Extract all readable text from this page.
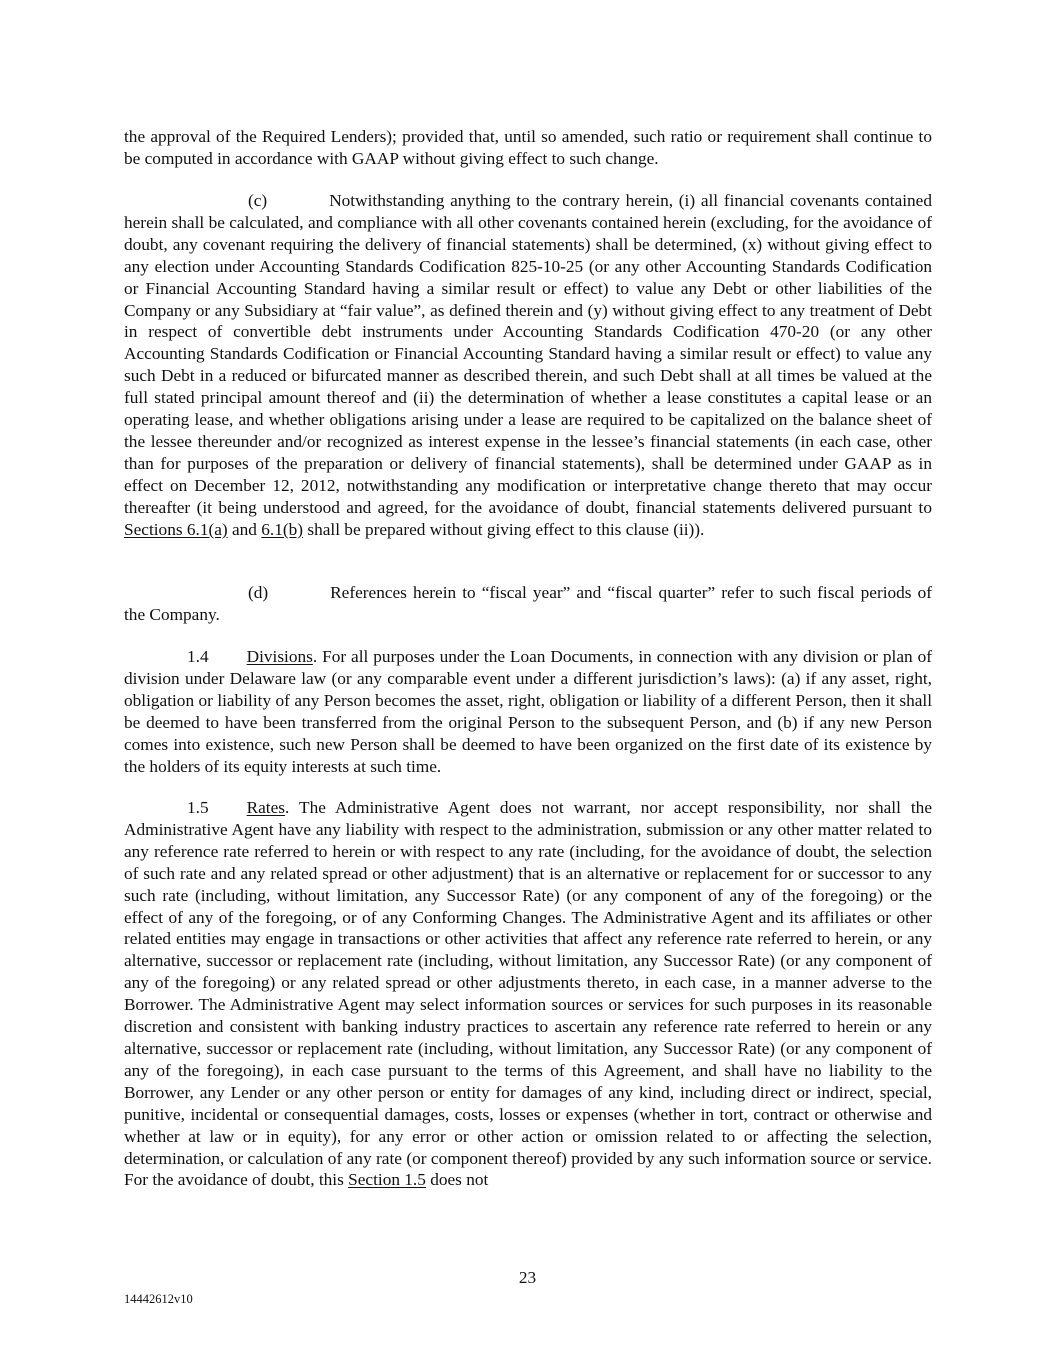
the approval of the Required Lenders); provided that, until so amended, such ratio or requirement shall continue to be computed in accordance with GAAP without giving effect to such change.

(c)	Notwithstanding anything to the contrary herein, (i) all financial covenants contained herein shall be calculated, and compliance with all other covenants contained herein (excluding, for the avoidance of doubt, any covenant requiring the delivery of financial statements) shall be determined, (x) without giving effect to any election under Accounting Standards Codification 825-10-25 (or any other Accounting Standards Codification or Financial Accounting Standard having a similar result or effect) to value any Debt or other liabilities of the Company or any Subsidiary at “fair value”, as defined therein and (y) without giving effect to any treatment of Debt in respect of convertible debt instruments under Accounting Standards Codification 470-20 (or any other Accounting Standards Codification or Financial Accounting Standard having a similar result or effect) to value any such Debt in a reduced or bifurcated manner as described therein, and such Debt shall at all times be valued at the full stated principal amount thereof and (ii) the determination of whether a lease constitutes a capital lease or an operating lease, and whether obligations arising under a lease are required to be capitalized on the balance sheet of the lessee thereunder and/or recognized as interest expense in the lessee’s financial statements (in each case, other than for purposes of the preparation or delivery of financial statements), shall be determined under GAAP as in effect on December 12, 2012, notwithstanding any modification or interpretative change thereto that may occur thereafter (it being understood and agreed, for the avoidance of doubt, financial statements delivered pursuant to Sections 6.1(a) and 6.1(b) shall be prepared without giving effect to this clause (ii)).

(d)	References herein to “fiscal year” and “fiscal quarter” refer to such fiscal periods of the Company.

1.4 Divisions. For all purposes under the Loan Documents, in connection with any division or plan of division under Delaware law (or any comparable event under a different jurisdiction’s laws): (a) if any asset, right, obligation or liability of any Person becomes the asset, right, obligation or liability of a different Person, then it shall be deemed to have been transferred from the original Person to the subsequent Person, and (b) if any new Person comes into existence, such new Person shall be deemed to have been organized on the first date of its existence by the holders of its equity interests at such time.

1.5 Rates. The Administrative Agent does not warrant, nor accept responsibility, nor shall the Administrative Agent have any liability with respect to the administration, submission or any other matter related to any reference rate referred to herein or with respect to any rate (including, for the avoidance of doubt, the selection of such rate and any related spread or other adjustment) that is an alternative or replacement for or successor to any such rate (including, without limitation, any Successor Rate) (or any component of any of the foregoing) or the effect of any of the foregoing, or of any Conforming Changes. The Administrative Agent and its affiliates or other related entities may engage in transactions or other activities that affect any reference rate referred to herein, or any alternative, successor or replacement rate (including, without limitation, any Successor Rate) (or any component of any of the foregoing) or any related spread or other adjustments thereto, in each case, in a manner adverse to the Borrower. The Administrative Agent may select information sources or services for such purposes in its reasonable discretion and consistent with banking industry practices to ascertain any reference rate referred to herein or any alternative, successor or replacement rate (including, without limitation, any Successor Rate) (or any component of any of the foregoing), in each case pursuant to the terms of this Agreement, and shall have no liability to the Borrower, any Lender or any other person or entity for damages of any kind, including direct or indirect, special, punitive, incidental or consequential damages, costs, losses or expenses (whether in tort, contract or otherwise and whether at law or in equity), for any error or other action or omission related to or affecting the selection, determination, or calculation of any rate (or component thereof) provided by any such information source or service. For the avoidance of doubt, this Section 1.5 does not

23
14442612v10
